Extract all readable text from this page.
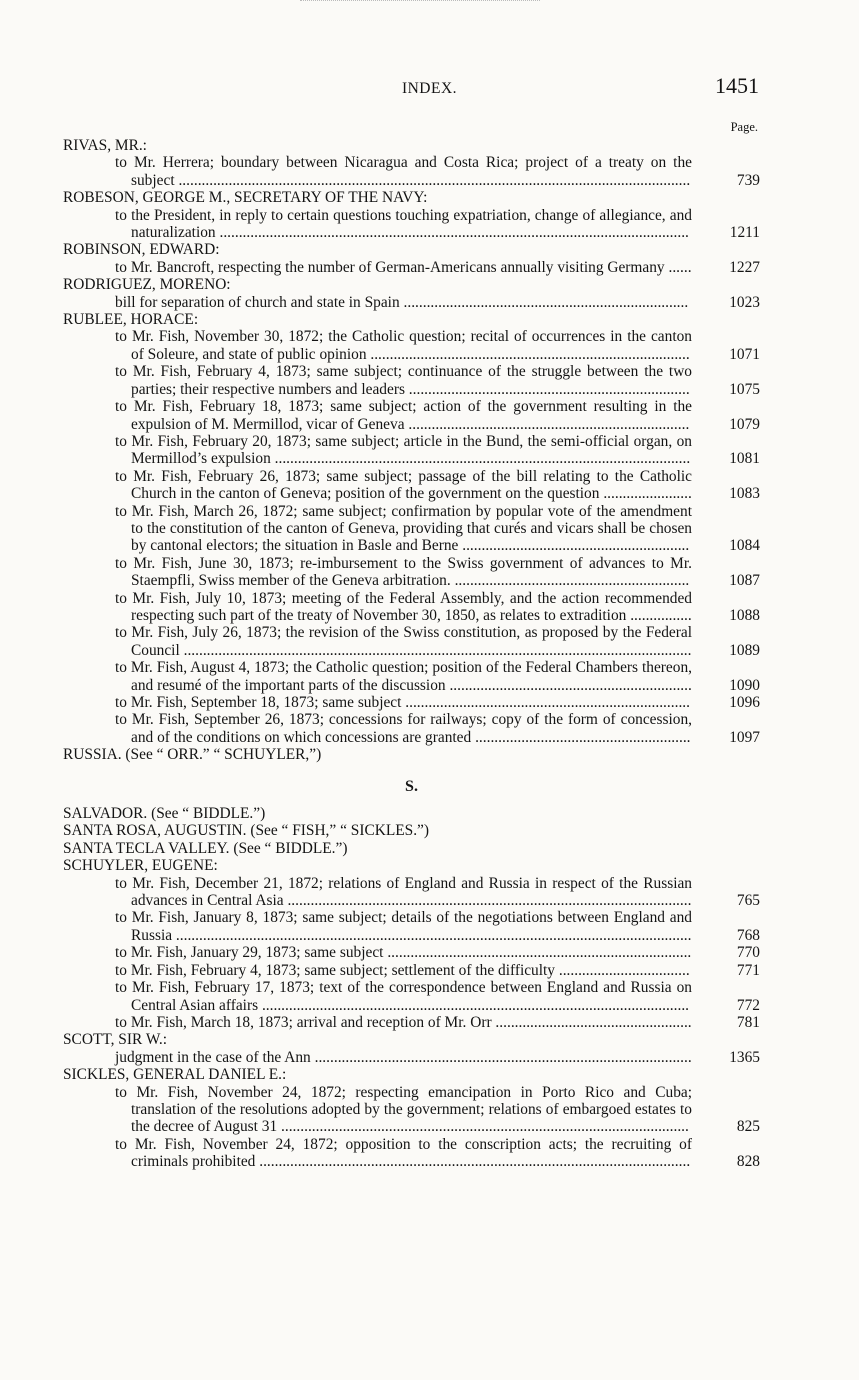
INDEX.	1451
Page.
RIVAS, MR.:
to Mr. Herrera; boundary between Nicaragua and Costa Rica; project of a treaty on the subject .....................................................................................................................................	739
ROBESON, GEORGE M., SECRETARY OF THE NAVY:
to the President, in reply to certain questions touching expatriation, change of allegiance, and naturalization ..........................................................................................................................	1211
ROBINSON, EDWARD:
to Mr. Bancroft, respecting the number of German-Americans annually visiting Germany ......	1227
RODRIGUEZ, MORENO:
bill for separation of church and state in Spain ..........................................................................	1023
RUBLEE, HORACE:
to Mr. Fish, November 30, 1872; the Catholic question; recital of occurrences in the canton of Soleure, and state of public opinion ...................................................................................	1071
to Mr. Fish, February 4, 1873; same subject; continuance of the struggle between the two parties; their respective numbers and leaders .........................................................................	1075
to Mr. Fish, February 18, 1873; same subject; action of the government resulting in the expulsion of M. Mermillod, vicar of Geneva .........................................................................	1079
to Mr. Fish, February 20, 1873; same subject; article in the Bund, the semi-official organ, on Mermillod’s expulsion ............................................................................................................	1081
to Mr. Fish, February 26, 1873; same subject; passage of the bill relating to the Catholic Church in the canton of Geneva; position of the government on the question .......................	1083
to Mr. Fish, March 26, 1872; same subject; confirmation by popular vote of the amendment to the constitution of the canton of Geneva, providing that curés and vicars shall be chosen by cantonal electors; the situation in Basle and Berne ...........................................................	1084
to Mr. Fish, June 30, 1873; re-imbursement to the Swiss government of advances to Mr. Staempfli, Swiss member of the Geneva arbitration. .............................................................	1087
to Mr. Fish, July 10, 1873; meeting of the Federal Assembly, and the action recommended respecting such part of the treaty of November 30, 1850, as relates to extradition ................	1088
to Mr. Fish, July 26, 1873; the revision of the Swiss constitution, as proposed by the Federal Council ....................................................................................................................................	1089
to Mr. Fish, August 4, 1873; the Catholic question; position of the Federal Chambers thereon, and resumé of the important parts of the discussion ...............................................................	1090
to Mr. Fish, September 18, 1873; same subject ..........................................................................	1096
to Mr. Fish, September 26, 1873; concessions for railways; copy of the form of concession, and of the conditions on which concessions are granted ........................................................	1097
RUSSIA. (See “ ORR.” “ SCHUYLER,”)
S.
SALVADOR. (See “ BIDDLE.”)
SANTA ROSA, AUGUSTIN. (See “ FISH,” “ SICKLES.”)
SANTA TECLA VALLEY. (See “ BIDDLE.”)
SCHUYLER, EUGENE:
to Mr. Fish, December 21, 1872; relations of England and Russia in respect of the Russian advances in Central Asia .........................................................................................................	765
to Mr. Fish, January 8, 1873; same subject; details of the negotiations between England and Russia ......................................................................................................................................	768
to Mr. Fish, January 29, 1873; same subject ...............................................................................	770
to Mr. Fish, February 4, 1873; same subject; settlement of the difficulty ..................................	771
to Mr. Fish, February 17, 1873; text of the correspondence between England and Russia on Central Asian affairs ...............................................................................................................	772
to Mr. Fish, March 18, 1873; arrival and reception of Mr. Orr ...................................................	781
SCOTT, SIR W.:
judgment in the case of the Ann ..................................................................................................	1365
SICKLES, GENERAL DANIEL E.:
to Mr. Fish, November 24, 1872; respecting emancipation in Porto Rico and Cuba; translation of the resolutions adopted by the government; relations of embargoed estates to the decree of August 31 ..........................................................................................................	825
to Mr. Fish, November 24, 1872; opposition to the conscription acts; the recruiting of criminals prohibited ................................................................................................................	828
